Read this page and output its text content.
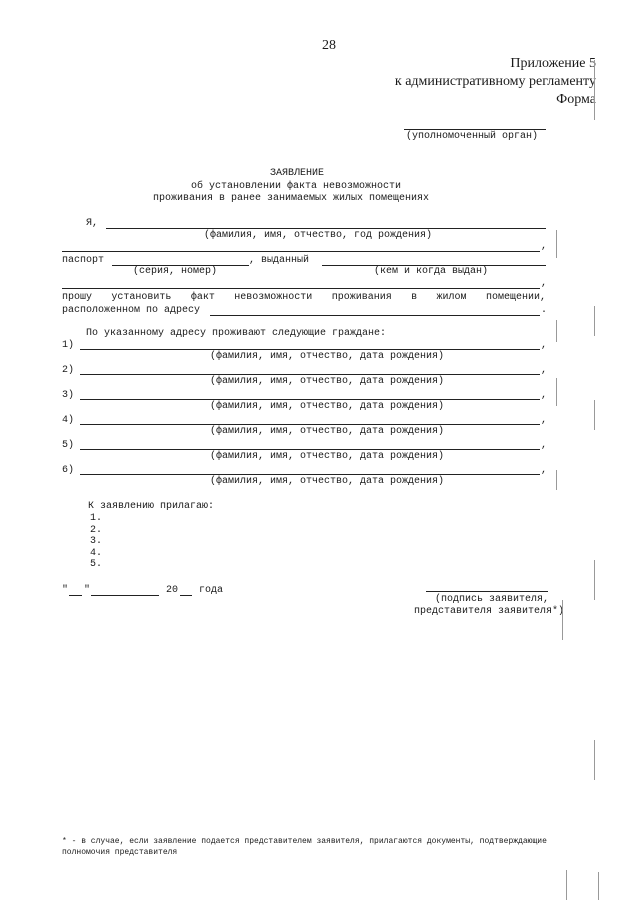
28
Приложение 5
к административному регламенту
Форма
(уполномоченный орган)
ЗАЯВЛЕНИЕ
об установлении факта невозможности
проживания в ранее занимаемых жилых помещениях
Я,
(фамилия, имя, отчество, год рождения)
,
паспорт	, выданный
(серия, номер)	(кем и когда выдан)
,
прошу установить факт невозможности проживания в жилом помещении,
расположенном по адресу	.
По указанному адресу проживают следующие граждане:
1)	,
(фамилия, имя, отчество, дата рождения)
2)	,
(фамилия, имя, отчество, дата рождения)
3)	,
(фамилия, имя, отчество, дата рождения)
4)	,
(фамилия, имя, отчество, дата рождения)
5)	,
(фамилия, имя, отчество, дата рождения)
6)	,
(фамилия, имя, отчество, дата рождения)
К заявлению прилагаю:
1.
2.
3.
4.
5.
" "	20 года
(подпись заявителя,
представителя заявителя*)
* - в случае, если заявление подается представителем заявителя, прилагаются документы, подтверждающие
полномочия представителя
